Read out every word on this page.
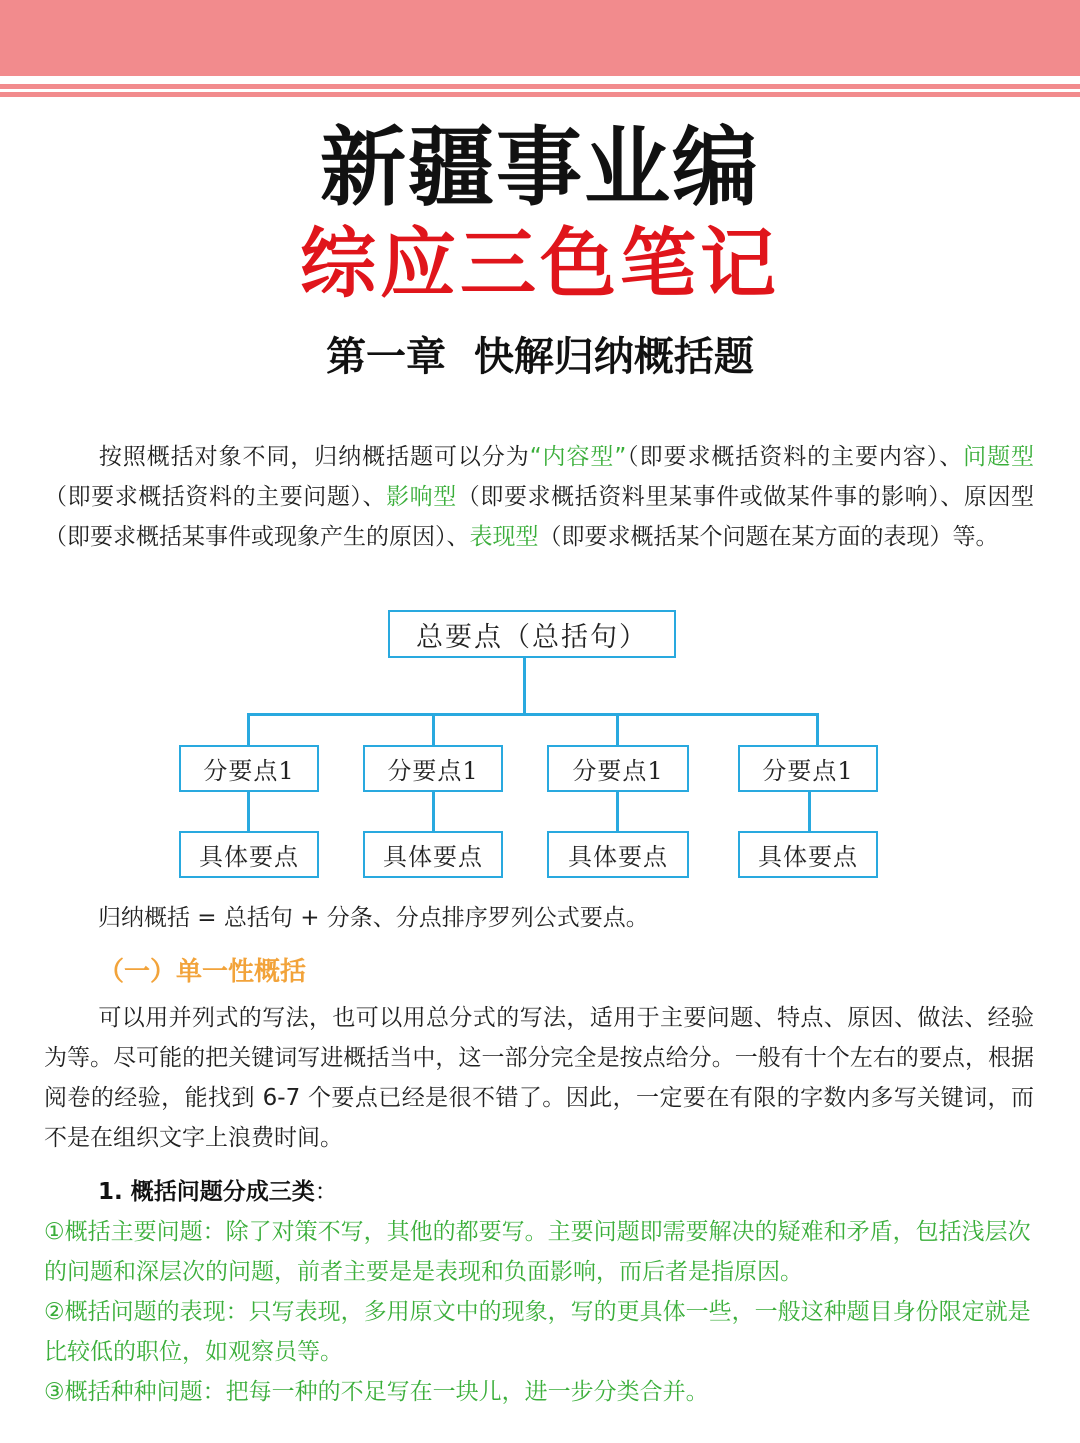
新疆事业编
综应三色笔记
第一章  快解归纳概括题
按照概括对象不同，归纳概括题可以分为“内容型”（即要求概括资料的主要内容）、问题型（即要求概括资料的主要问题）、影响型（即要求概括资料里某事件或做某件事的影响）、原因型（即要求概括某事件或现象产生的原因）、表现型（即要求概括某个问题在某方面的表现）等。
总要点（总括句）
分要点1	分要点1	分要点1	分要点1
具体要点	具体要点	具体要点	具体要点
归纳概括 = 总括句 + 分条、分点排序罗列公式要点。
（一）单一性概括
可以用并列式的写法，也可以用总分式的写法，适用于主要问题、特点、原因、做法、经验为等。尽可能的把关键词写进概括当中，这一部分完全是按点给分。一般有十个左右的要点，根据阅卷的经验，能找到 6-7 个要点已经是很不错了。因此，一定要在有限的字数内多写关键词，而不是在组织文字上浪费时间。
1. 概括问题分成三类：
①概括主要问题：除了对策不写，其他的都要写。主要问题即需要解决的疑难和矛盾，包括浅层次的问题和深层次的问题，前者主要是是表现和负面影响，而后者是指原因。
②概括问题的表现：只写表现，多用原文中的现象，写的更具体一些，一般这种题目身份限定就是比较低的职位，如观察员等。
③概括种种问题：把每一种的不足写在一块儿，进一步分类合并。
